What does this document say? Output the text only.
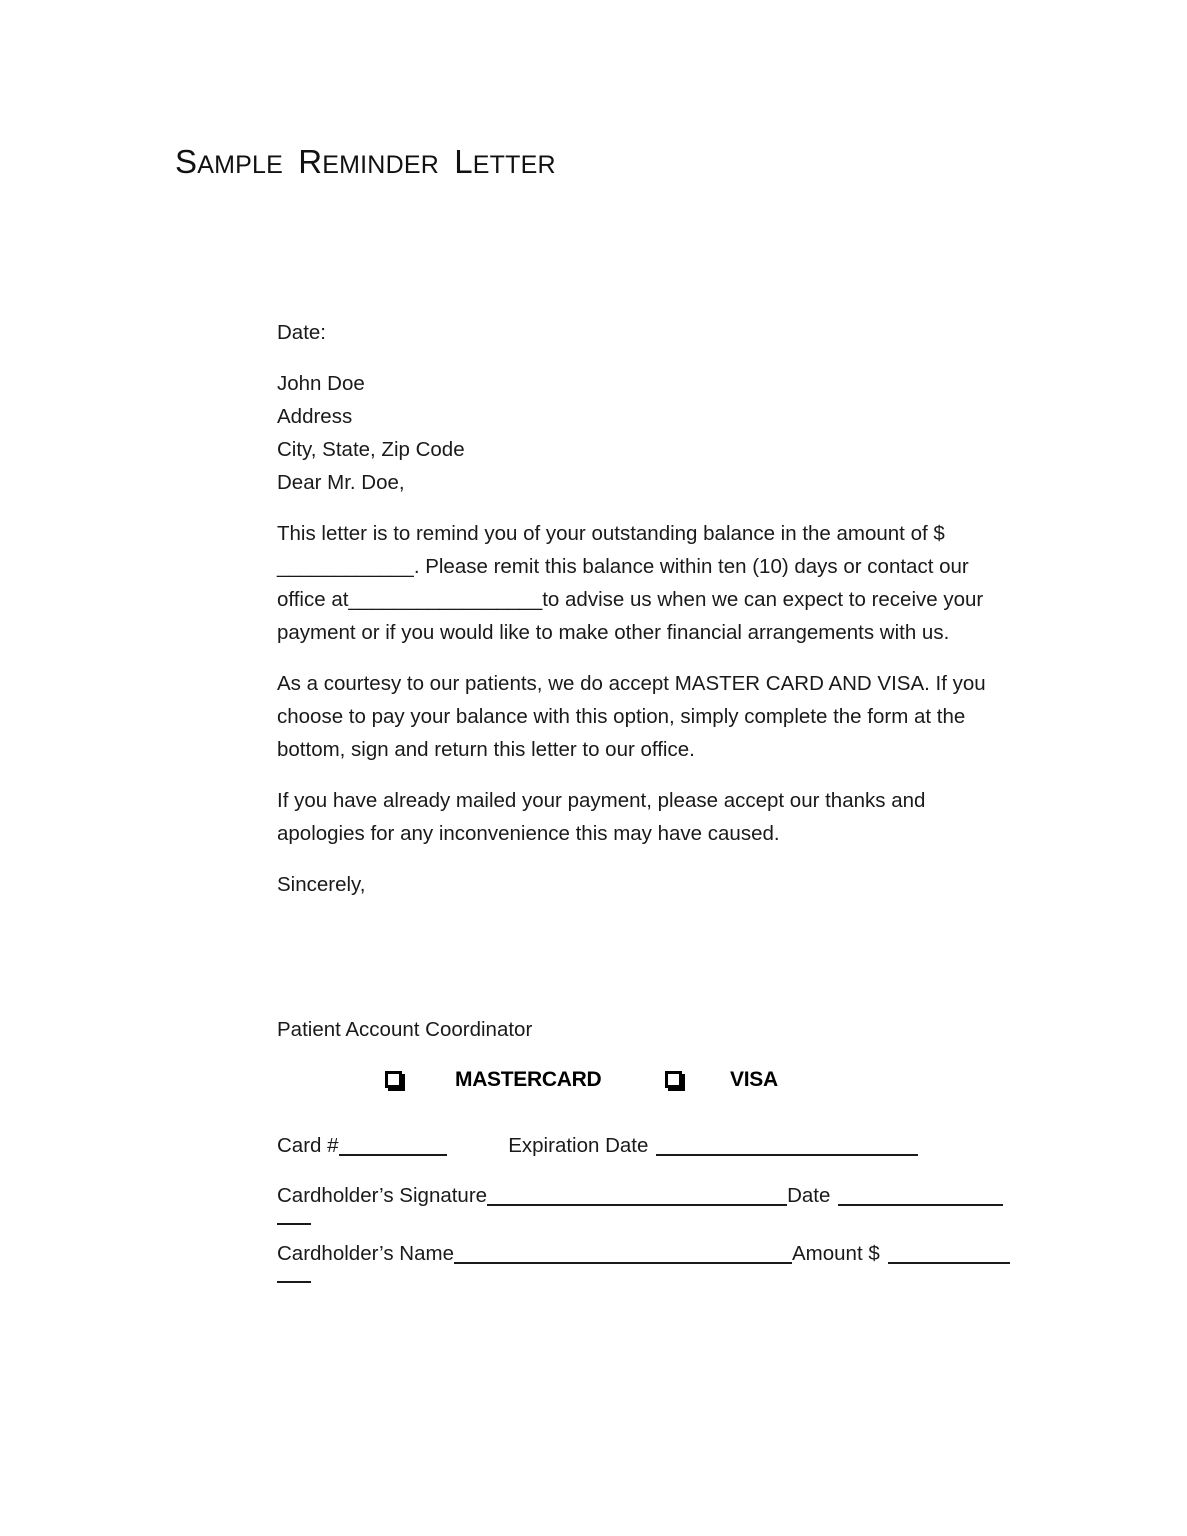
SAMPLE  REMINDER  LETTER

Date:

John Doe

Address

City, State, Zip Code

Dear Mr. Doe,

This letter is to remind you of your outstanding balance in the amount of $ ____________. Please remit this balance within ten (10) days or contact our office at_________________to advise us when we can expect to receive your payment or if you would like to make other financial arrangements with us.

As a courtesy to our patients, we do accept MASTER CARD AND VISA. If you choose to pay your balance with this option, simply complete the form at the bottom, sign and return this letter to our office.

If you have already mailed your payment, please accept our thanks and apologies for any inconvenience this may have caused.

Sincerely,

Patient Account Coordinator
MASTERCARD	VISA
Card #	Expiration Date
Cardholder’s Signature	Date
Cardholder’s Name	Amount $
